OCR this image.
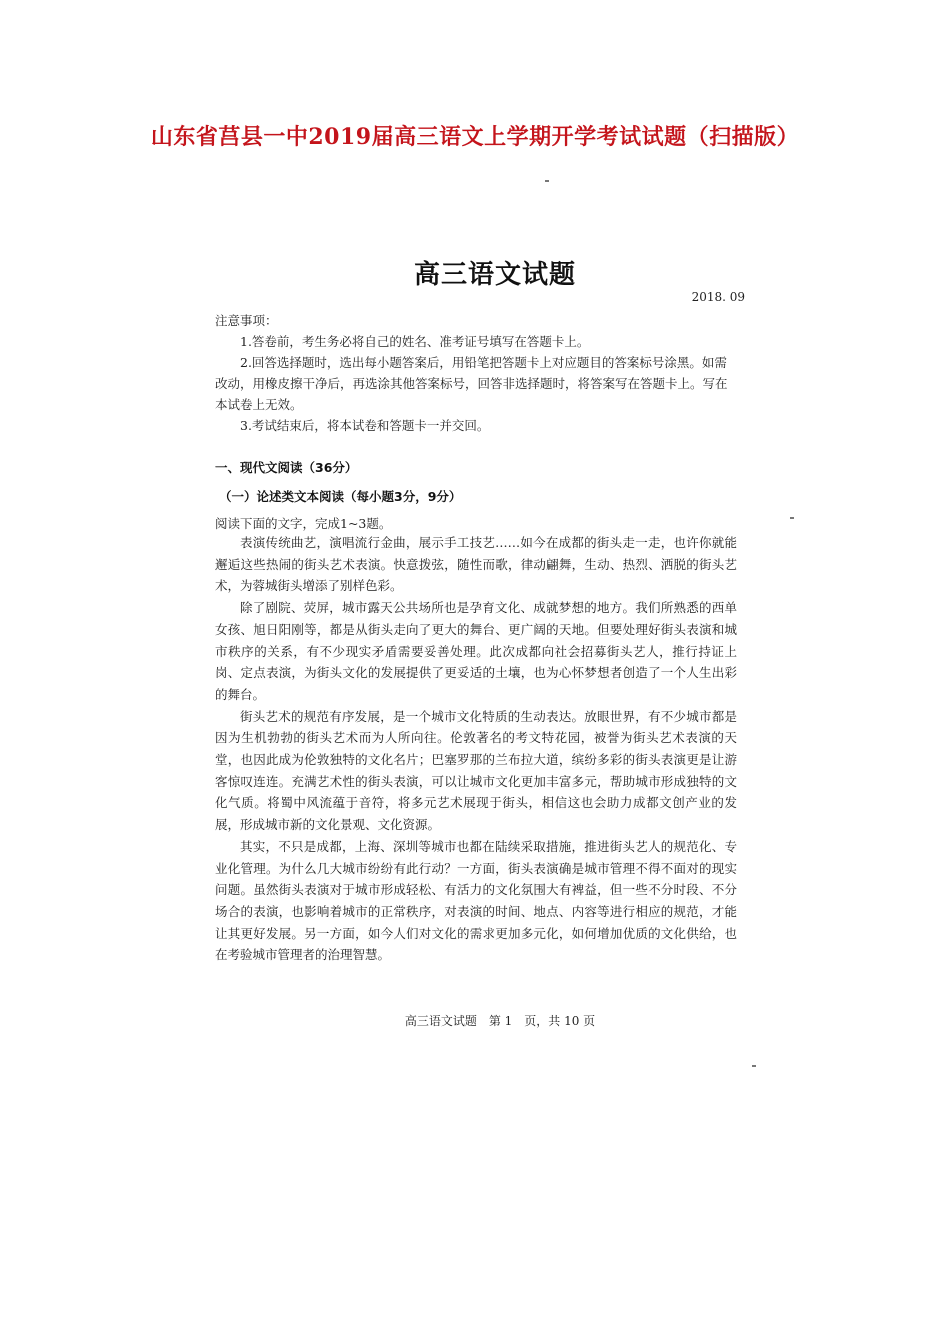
山东省莒县一中2019届高三语文上学期开学考试试题（扫描版）
高三语文试题
2018. 09

注意事项：

1.答卷前，考生务必将自己的姓名、准考证号填写在答题卡上。

2.回答选择题时，选出每小题答案后，用铅笔把答题卡上对应题目的答案标号涂黑。如需改动，用橡皮擦干净后，再选涂其他答案标号，回答非选择题时，将答案写在答题卡上。写在本试卷上无效。

3.考试结束后，将本试卷和答题卡一并交回。

一、现代文阅读（36分）
（一）论述类文本阅读（每小题3分，9分）
阅读下面的文字，完成1~3题。

表演传统曲艺，演唱流行金曲，展示手工技艺……如今在成都的街头走一走，也许你就能邂逅这些热闹的街头艺术表演。快意拨弦，随性而歌，律动翩舞，生动、热烈、洒脱的街头艺术，为蓉城街头增添了别样色彩。

除了剧院、荧屏，城市露天公共场所也是孕育文化、成就梦想的地方。我们所熟悉的西单女孩、旭日阳刚等，都是从街头走向了更大的舞台、更广阔的天地。但要处理好街头表演和城市秩序的关系，有不少现实矛盾需要妥善处理。此次成都向社会招募街头艺人，推行持证上岗、定点表演，为街头文化的发展提供了更妥适的土壤，也为心怀梦想者创造了一个人生出彩的舞台。

街头艺术的规范有序发展，是一个城市文化特质的生动表达。放眼世界，有不少城市都是因为生机勃勃的街头艺术而为人所向往。伦敦著名的考文特花园，被誉为街头艺术表演的天堂，也因此成为伦敦独特的文化名片；巴塞罗那的兰布拉大道，缤纷多彩的街头表演更是让游客惊叹连连。充满艺术性的街头表演，可以让城市文化更加丰富多元，帮助城市形成独特的文化气质。将蜀中风流蕴于音符，将多元艺术展现于街头，相信这也会助力成都文创产业的发展，形成城市新的文化景观、文化资源。

其实，不只是成都，上海、深圳等城市也都在陆续采取措施，推进街头艺人的规范化、专业化管理。为什么几大城市纷纷有此行动？一方面，街头表演确是城市管理不得不面对的现实问题。虽然街头表演对于城市形成轻松、有活力的文化氛围大有裨益，但一些不分时段、不分场合的表演，也影响着城市的正常秩序，对表演的时间、地点、内容等进行相应的规范，才能让其更好发展。另一方面，如今人们对文化的需求更加多元化，如何增加优质的文化供给，也在考验城市管理者的治理智慧。

高三语文试题　第 1　页，共 10 页
